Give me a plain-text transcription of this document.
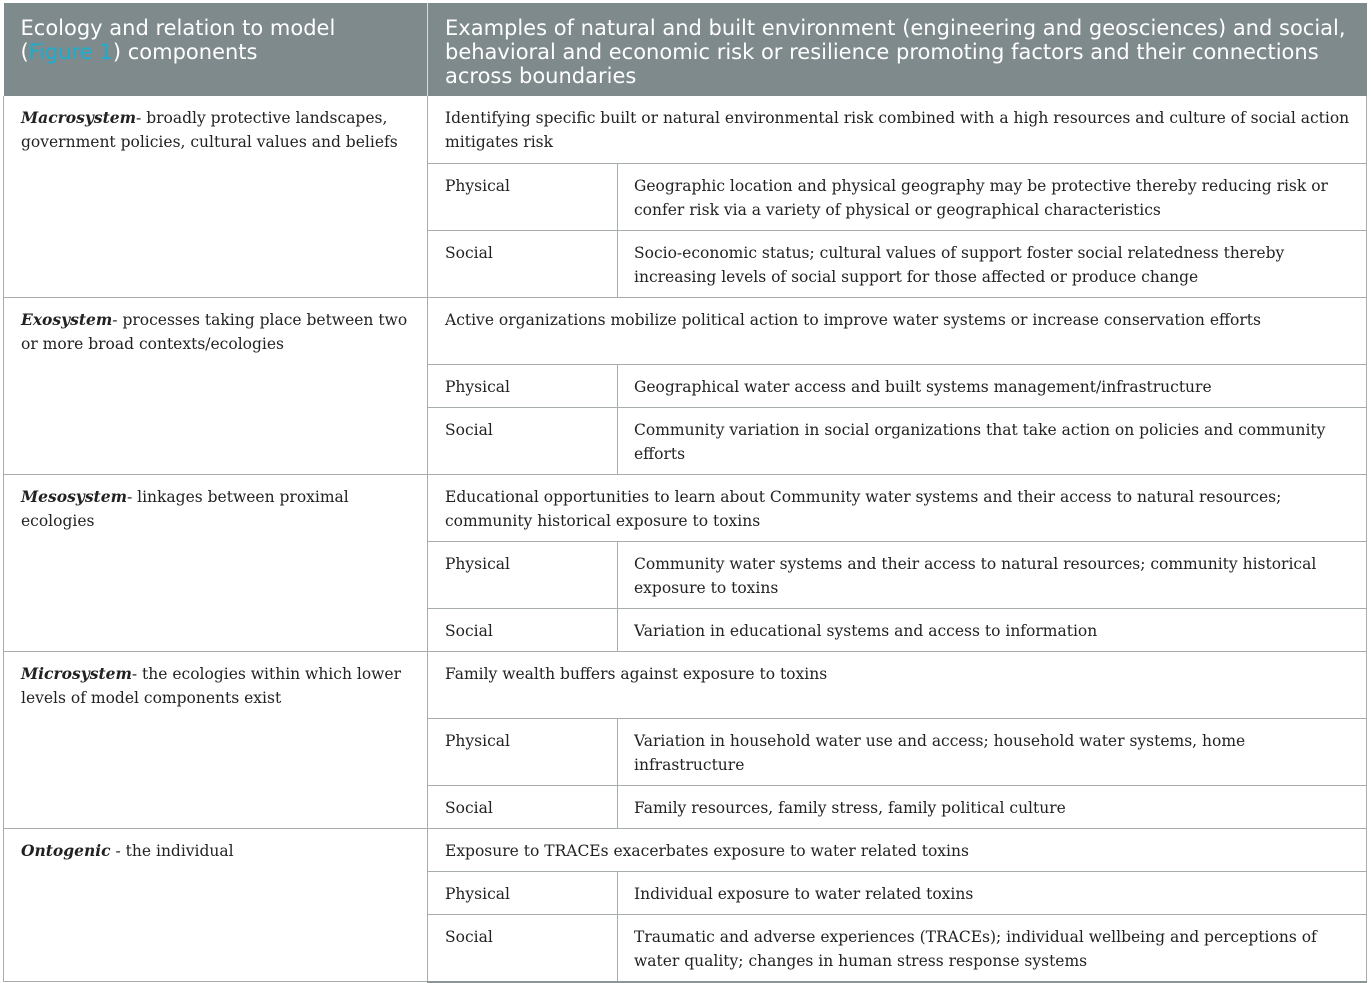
Ecology and relation to model (Figure 1) components	Examples of natural and built environment (engineering and geosciences) and social, behavioral and economic risk or resilience promoting factors and their connections across boundaries	
Macrosystem- broadly protective landscapes, government policies, cultural values and beliefs	Identifying specific built or natural environmental risk combined with a high resources and culture of social action mitigates risk	
	Physical	Geographic location and physical geography may be protective thereby reducing risk or confer risk via a variety of physical or geographical characteristics
	Social	Socio-economic status; cultural values of support foster social relatedness thereby increasing levels of social support for those affected or produce change
Exosystem- processes taking place between two or more broad contexts/ecologies	Active organizations mobilize political action to improve water systems or increase conservation efforts	
	Physical	Geographical water access and built systems management/infrastructure
	Social	Community variation in social organizations that take action on policies and community efforts
Mesosystem- linkages between proximal ecologies	Educational opportunities to learn about Community water systems and their access to natural resources; community historical exposure to toxins	
	Physical	Community water systems and their access to natural resources; community historical exposure to toxins
	Social	Variation in educational systems and access to information
Microsystem- the ecologies within which lower levels of model components exist	Family wealth buffers against exposure to toxins	
	Physical	Variation in household water use and access; household water systems, home infrastructure
	Social	Family resources, family stress, family political culture
Ontogenic - the individual	Exposure to TRACEs exacerbates exposure to water related toxins	
	Physical	Individual exposure to water related toxins
	Social	Traumatic and adverse experiences (TRACEs); individual wellbeing and perceptions of water quality; changes in human stress response systems
